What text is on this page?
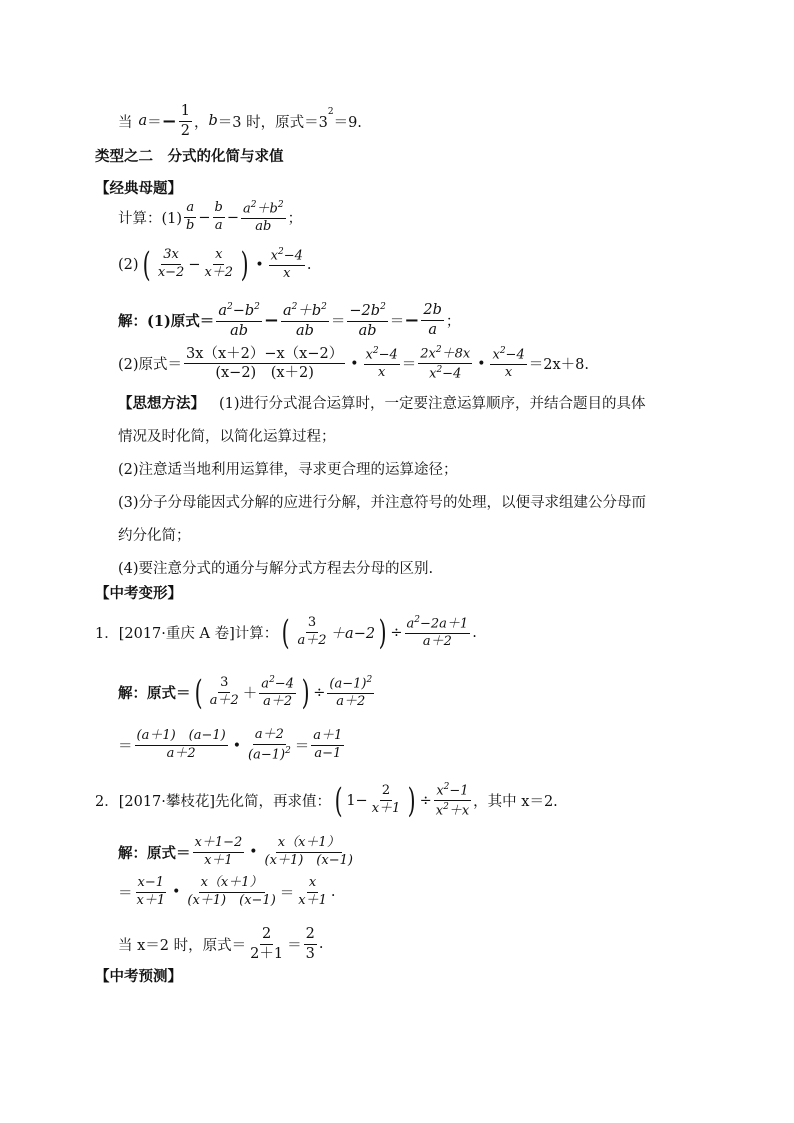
当 a ＝ − $\frac{1}{2}$ ， b ＝3 时，原式＝3
$^2$
＝9.
类型之二　分式的化简与求值
【经典母题】
计算：$(1) \frac{a}{b} - \frac{b}{a} - \frac{a^2+b^2}{ab}$ ；
(2) ( $\frac{3x}{x-2} - \frac{x}{x+2}$ ) • $\frac{x^2-4}{x}$ .
解：(1)原式＝ $\frac{a^2-b^2}{ab} - \frac{a^2+b^2}{ab} = \frac{-2b^2}{ab}$ ＝ − $\frac{2b}{a}$ ；
(2)原式＝ $\frac{3x(x+2)-x(x-2)}{(x-2) (x+2)}$ • $\frac{x^2-4}{x} = \frac{2x^2+8x}{x^2-4}$ • $\frac{x^2-4}{x} =2x+8$.
【思想方法】 (1)进行分式混合运算时，一定要注意运算顺序，并结合题目的具体
情况及时化简，以简化运算过程；
(2)注意适当地利用运算律，寻求更合理的运算途径；
(3)分子分母能因式分解的应进行分解，并注意符号的处理，以便寻求组建公分母而
约分化简；
(4)要注意分式的通分与解分式方程去分母的区别.
【中考变形】
1．[2017·重庆 A 卷]计算： ( $\frac{3}{a+2} +a-2$ ) ÷ $\frac{a^2-2a+1}{a+2}$ .
解：原式＝ ( $\frac{3}{a+2} + \frac{a^2-4}{a+2}$ ) ÷ $\frac{(a-1)^2}{a+2}$
＝ $\frac{(a+1) (a-1)}{a+2}$ • $\frac{a+2}{(a-1)^2} = \frac{a+1}{a-1}$
2．[2017·攀枝花]先化简，再求值： ( $1- \frac{2}{x+1}$ ) ÷ $\frac{x^2-1}{x^2+x}$ ，其中 x＝2.
解：原式＝ $\frac{x+1-2}{x+1}$ • $\frac{x(x+1)}{(x+1) (x-1)}$
＝ $\frac{x-1}{x+1}$ • $\frac{x(x+1)}{(x+1) (x-1)} = \frac{x}{x+1}$ .
当 x＝2 时，原式＝ $\frac{2}{2+1} = \frac{2}{3}$ .
【中考预测】
